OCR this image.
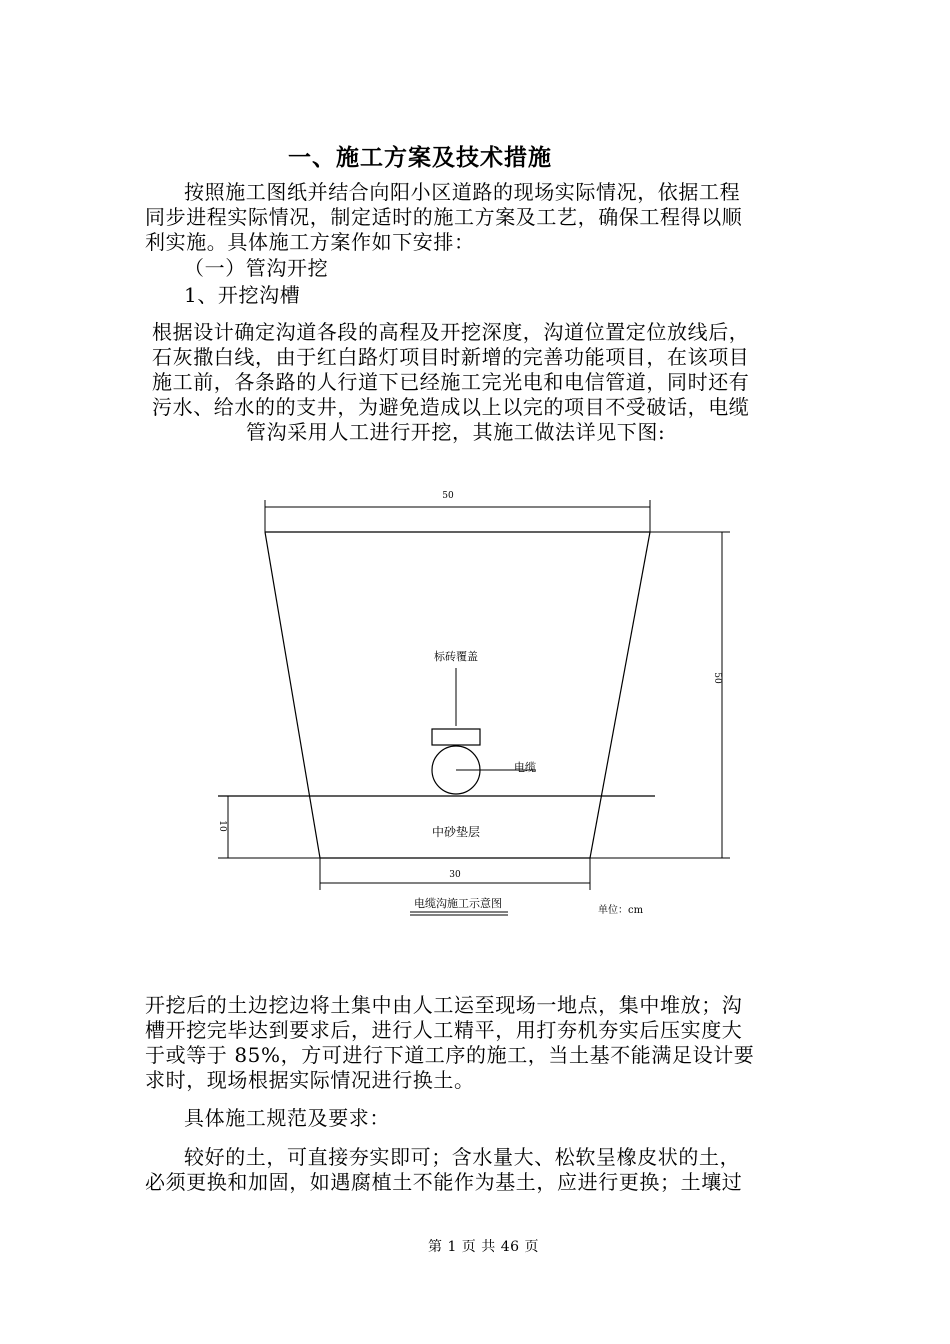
一、施工方案及技术措施
按照施工图纸并结合向阳小区道路的现场实际情况，依据工程
同步进程实际情况，制定适时的施工方案及工艺，确保工程得以顺
利实施。具体施工方案作如下安排：
（一）管沟开挖
1、开挖沟槽
根据设计确定沟道各段的高程及开挖深度，沟道位置定位放线后，
石灰撒白线，由于红白路灯项目时新增的完善功能项目，在该项目
施工前，各条路的人行道下已经施工完光电和电信管道，同时还有
污水、给水的的支井，为避免造成以上以完的项目不受破话，电缆
管沟采用人工进行开挖，其施工做法详见下图:
50
50
10
30
标砖覆盖
电缆
中砂垫层
电缆沟施工示意图
单位：cm
开挖后的土边挖边将土集中由人工运至现场一地点，集中堆放；沟
槽开挖完毕达到要求后，进行人工精平，用打夯机夯实后压实度大
于或等于 85%，方可进行下道工序的施工，当土基不能满足设计要
求时，现场根据实际情况进行换土。
具体施工规范及要求：
较好的土，可直接夯实即可；含水量大、松软呈橡皮状的土，
必须更换和加固，如遇腐植土不能作为基土，应进行更换；土壤过
第 1 页 共 46 页
